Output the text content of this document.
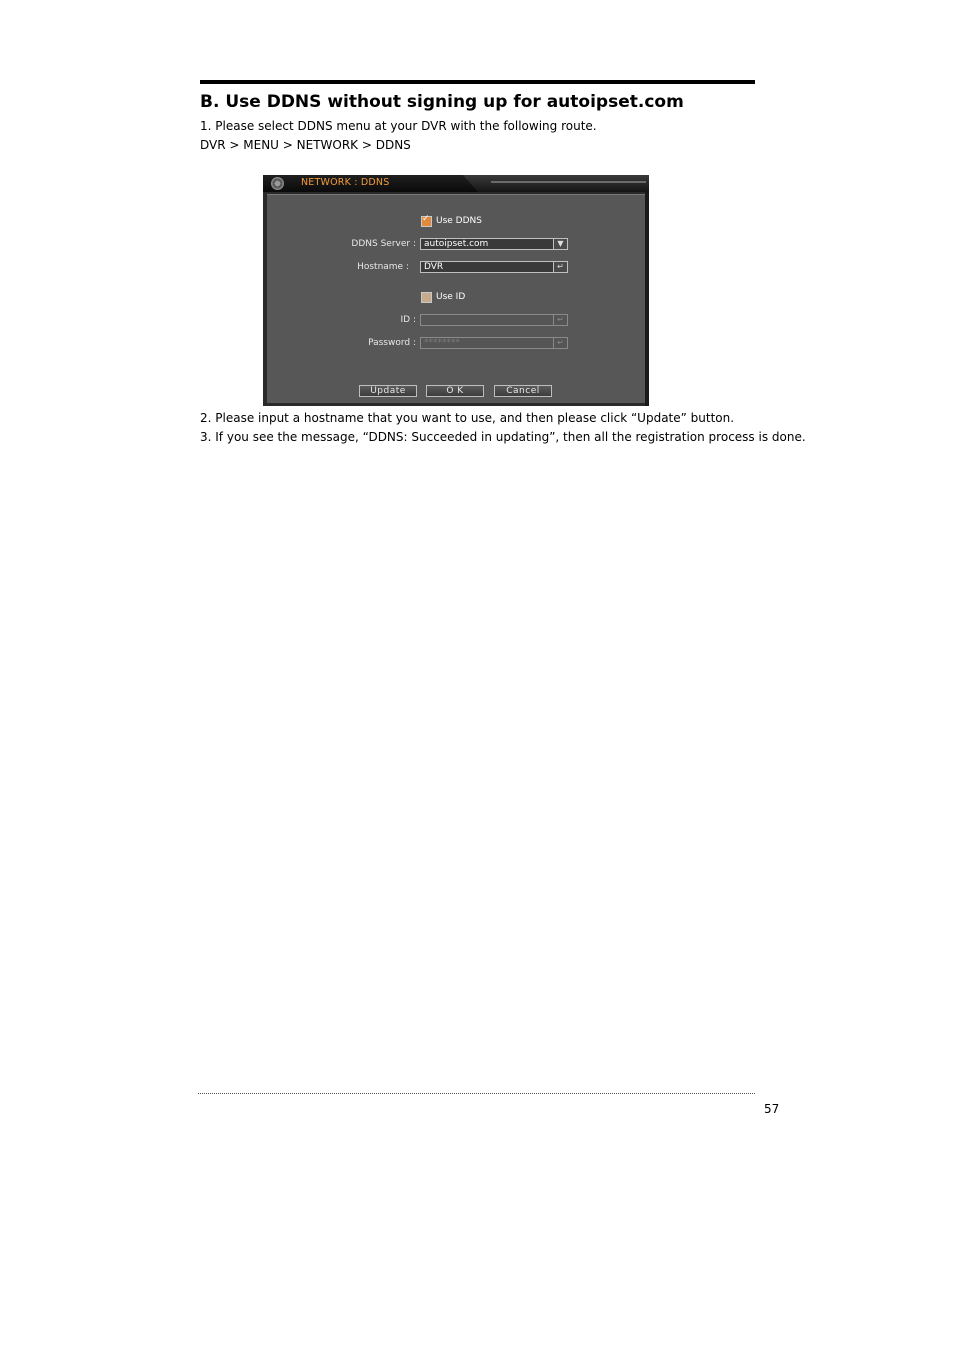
B. Use DDNS without signing up for autoipset.com

1. Please select DDNS menu at your DVR with the following route.

DVR > MENU > NETWORK > DDNS

NETWORK : DDNS
✓
Use DDNS
DDNS Server : autoipset.com	▼
Hostname : DVR	↵
Use ID
ID :	↵
Password : ********	↵
Update	O K	Cancel

2. Please input a hostname that you want to use, and then please click “Update” button.

3. If you see the message, “DDNS: Succeeded in updating”, then all the registration process is done.

57
